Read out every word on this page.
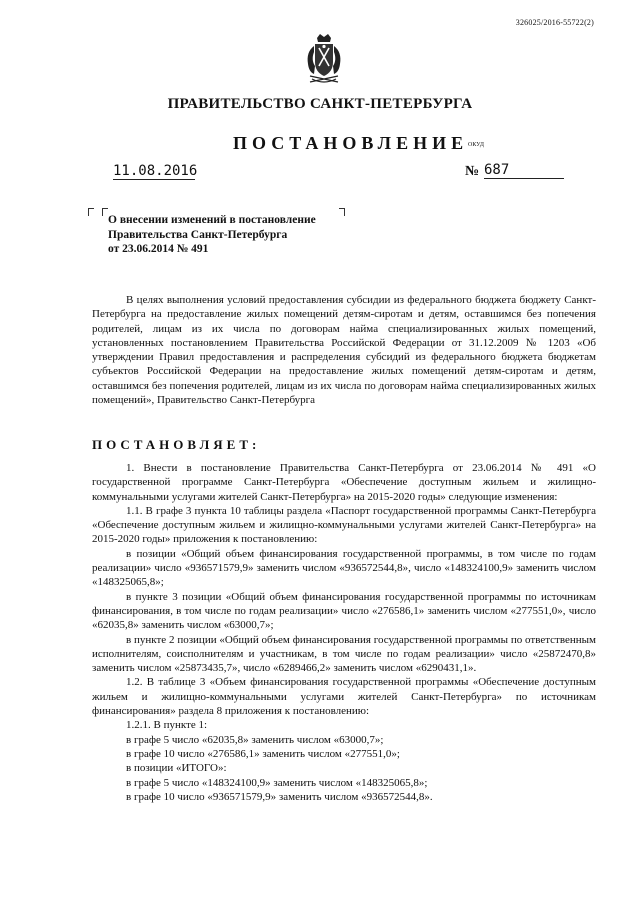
326025/2016-55722(2)
ПРАВИТЕЛЬСТВО САНКТ-ПЕТЕРБУРГА
ПОСТАНОВЛЕНИЕ ОКУД
11.08.2016	№ 687
О внесении изменений в постановление
Правительства Санкт-Петербурга
от 23.06.2014 № 491

В целях выполнения условий предоставления субсидии из федерального бюджета бюджету Санкт-Петербурга на предоставление жилых помещений детям-сиротам и детям, оставшимся без попечения родителей, лицам из их числа по договорам найма специализированных жилых помещений, установленных постановлением Правительства Российской Федерации от 31.12.2009 № 1203 «Об утверждении Правил предоставления и распределения субсидий из федерального бюджета бюджетам субъектов Российской Федерации на предоставление жилых помещений детям-сиротам и детям, оставшимся без попечения родителей, лицам из их числа по договорам найма специализированных жилых помещений», Правительство Санкт-Петербурга

ПОСТАНОВЛЯЕТ:

1. Внести в постановление Правительства Санкт-Петербурга от 23.06.2014 № 491 «О государственной программе Санкт-Петербурга «Обеспечение доступным жильем и жилищно-коммунальными услугами жителей Санкт-Петербурга» на 2015-2020 годы» следующие изменения:

1.1. В графе 3 пункта 10 таблицы раздела «Паспорт государственной программы Санкт-Петербурга «Обеспечение доступным жильем и жилищно-коммунальными услугами жителей Санкт-Петербурга» на 2015-2020 годы» приложения к постановлению:

в позиции «Общий объем финансирования государственной программы, в том числе по годам реализации» число «936571579,9» заменить числом «936572544,8», число «148324100,9» заменить числом «148325065,8»;

в пункте 3 позиции «Общий объем финансирования государственной программы по источникам финансирования, в том числе по годам реализации» число «276586,1» заменить числом «277551,0», число «62035,8» заменить числом «63000,7»;

в пункте 2 позиции «Общий объем финансирования государственной программы по ответственным исполнителям, соисполнителям и участникам, в том числе по годам реализации» число «25872470,8» заменить числом «25873435,7», число «6289466,2» заменить числом «6290431,1».

1.2. В таблице 3 «Объем финансирования государственной программы «Обеспечение доступным жильем и жилищно-коммунальными услугами жителей Санкт-Петербурга» по источникам финансирования» раздела 8 приложения к постановлению:

1.2.1. В пункте 1:

в графе 5 число «62035,8» заменить числом «63000,7»;

в графе 10 число «276586,1» заменить числом «277551,0»;

в позиции «ИТОГО»:

в графе 5 число «148324100,9» заменить числом «148325065,8»;

в графе 10 число «936571579,9» заменить числом «936572544,8».
